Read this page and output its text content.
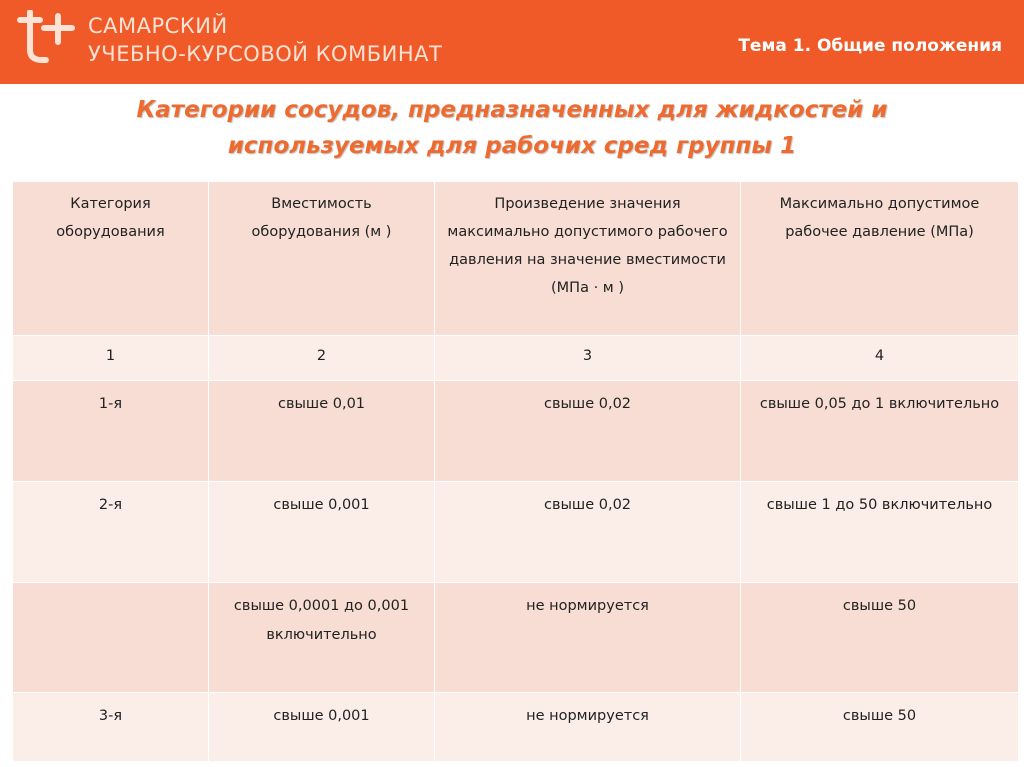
САМАРСКИЙ
УЧЕБНО-КУРСОВОЙ КОМБИНАТ	Тема 1. Общие положения
Категории сосудов, предназначенных для жидкостей и
используемых для рабочих сред группы 1
Категория оборудования	Вместимость оборудования (м )	Произведение значения максимально допустимого рабочего давления на значение вместимости (МПа · м )	Максимально допустимое рабочее давление (МПа)
1	2	3	4
1-я	свыше 0,01	свыше 0,02	свыше 0,05 до 1 включительно
2-я	свыше 0,001	свыше 0,02	свыше 1 до 50 включительно
	свыше 0,0001 до 0,001 включительно	не нормируется	свыше 50
3-я	свыше 0,001	не нормируется	свыше 50
